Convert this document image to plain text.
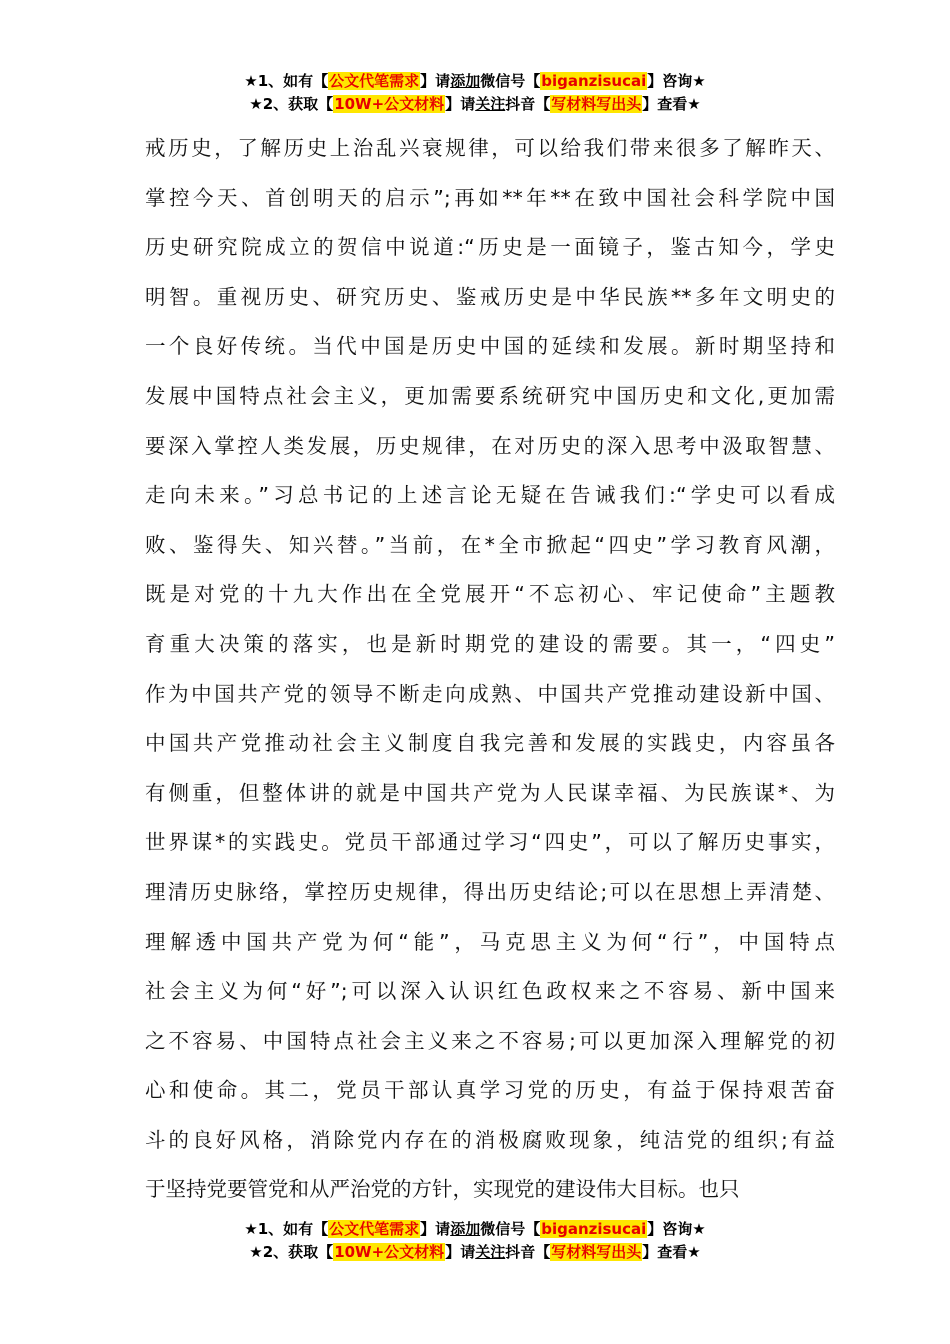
★1、如有【公文代笔需求】请添加微信号【biganzisucai】咨询★
★2、获取【10W+公文材料】请关注抖音【写材料写出头】查看★
戒历史，了解历史上治乱兴衰规律，可以给我们带来很多了解昨天、
掌控今天、首创明天的启示”;再如**年**在致中国社会科学院中国
历史研究院成立的贺信中说道:“历史是一面镜子，鉴古知今，学史
明智。重视历史、研究历史、鉴戒历史是中华民族**多年文明史的
一个良好传统。当代中国是历史中国的延续和发展。新时期坚持和
发展中国特点社会主义，更加需要系统研究中国历史和文化,更加需
要深入掌控人类发展，历史规律，在对历史的深入思考中汲取智慧、
走向未来。”习总书记的上述言论无疑在告诫我们:“学史可以看成
败、鉴得失、知兴替。”当前，在*全市掀起“四史”学习教育风潮，
既是对党的十九大作出在全党展开“不忘初心、牢记使命”主题教
育重大决策的落实，也是新时期党的建设的需要。其一，“四史”
作为中国共产党的领导不断走向成熟、中国共产党推动建设新中国、
中国共产党推动社会主义制度自我完善和发展的实践史，内容虽各
有侧重，但整体讲的就是中国共产党为人民谋幸福、为民族谋*、为
世界谋*的实践史。党员干部通过学习“四史”，可以了解历史事实，
理清历史脉络，掌控历史规律，得出历史结论;可以在思想上弄清楚、
理解透中国共产党为何“能”，马克思主义为何“行”，中国特点
社会主义为何“好”;可以深入认识红色政权来之不容易、新中国来
之不容易、中国特点社会主义来之不容易;可以更加深入理解党的初
心和使命。其二，党员干部认真学习党的历史，有益于保持艰苦奋
斗的良好风格，消除党内存在的消极腐败现象，纯洁党的组织;有益
于坚持党要管党和从严治党的方针，实现党的建设伟大目标。也只
★1、如有【公文代笔需求】请添加微信号【biganzisucai】咨询★
★2、获取【10W+公文材料】请关注抖音【写材料写出头】查看★
